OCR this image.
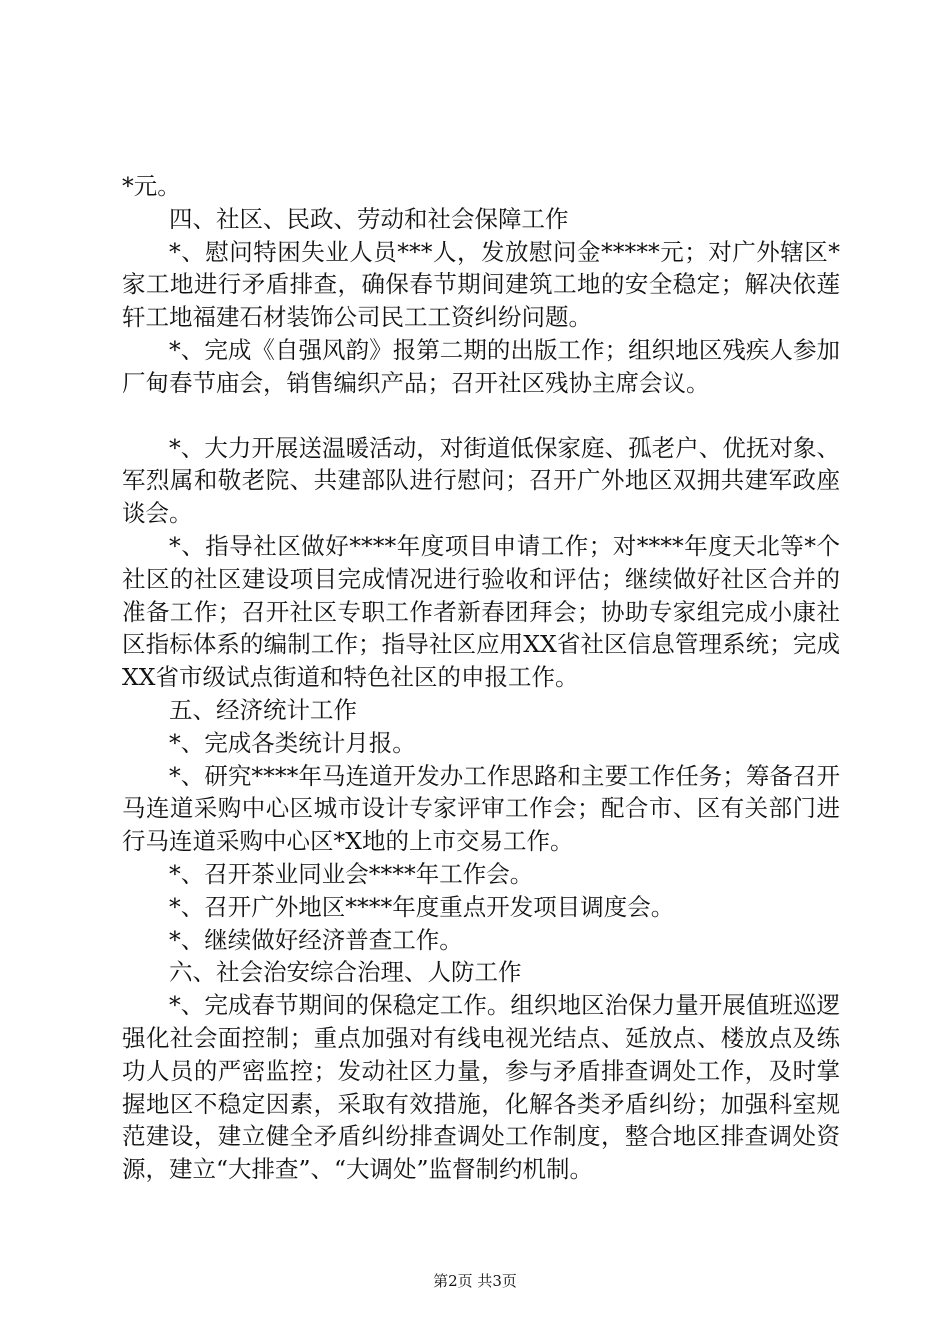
*元。

四、社区、民政、劳动和社会保障工作

*、慰问特困失业人员***人，发放慰问金*****元；对广外辖区*家工地进行矛盾排查，确保春节期间建筑工地的安全稳定；解决依莲轩工地福建石材装饰公司民工工资纠纷问题。

*、完成《自强风韵》报第二期的出版工作；组织地区残疾人参加厂甸春节庙会，销售编织产品；召开社区残协主席会议。

*、大力开展送温暖活动，对街道低保家庭、孤老户、优抚对象、军烈属和敬老院、共建部队进行慰问；召开广外地区双拥共建军政座谈会。

*、指导社区做好****年度项目申请工作；对****年度天北等*个社区的社区建设项目完成情况进行验收和评估；继续做好社区合并的准备工作；召开社区专职工作者新春团拜会；协助专家组完成小康社区指标体系的编制工作；指导社区应用XX省社区信息管理系统；完成XX省市级试点街道和特色社区的申报工作。

五、经济统计工作

*、完成各类统计月报。

*、研究****年马连道开发办工作思路和主要工作任务；筹备召开马连道采购中心区城市设计专家评审工作会；配合市、区有关部门进行马连道采购中心区*X地的上市交易工作。

*、召开茶业同业会****年工作会。

*、召开广外地区****年度重点开发项目调度会。

*、继续做好经济普查工作。

六、社会治安综合治理、人防工作

*、完成春节期间的保稳定工作。组织地区治保力量开展值班巡逻强化社会面控制；重点加强对有线电视光结点、延放点、楼放点及练功人员的严密监控；发动社区力量，参与矛盾排查调处工作，及时掌握地区不稳定因素，采取有效措施，化解各类矛盾纠纷；加强科室规范建设，建立健全矛盾纠纷排查调处工作制度，整合地区排查调处资源，建立“大排查”、“大调处”监督制约机制。

第2页 共3页
